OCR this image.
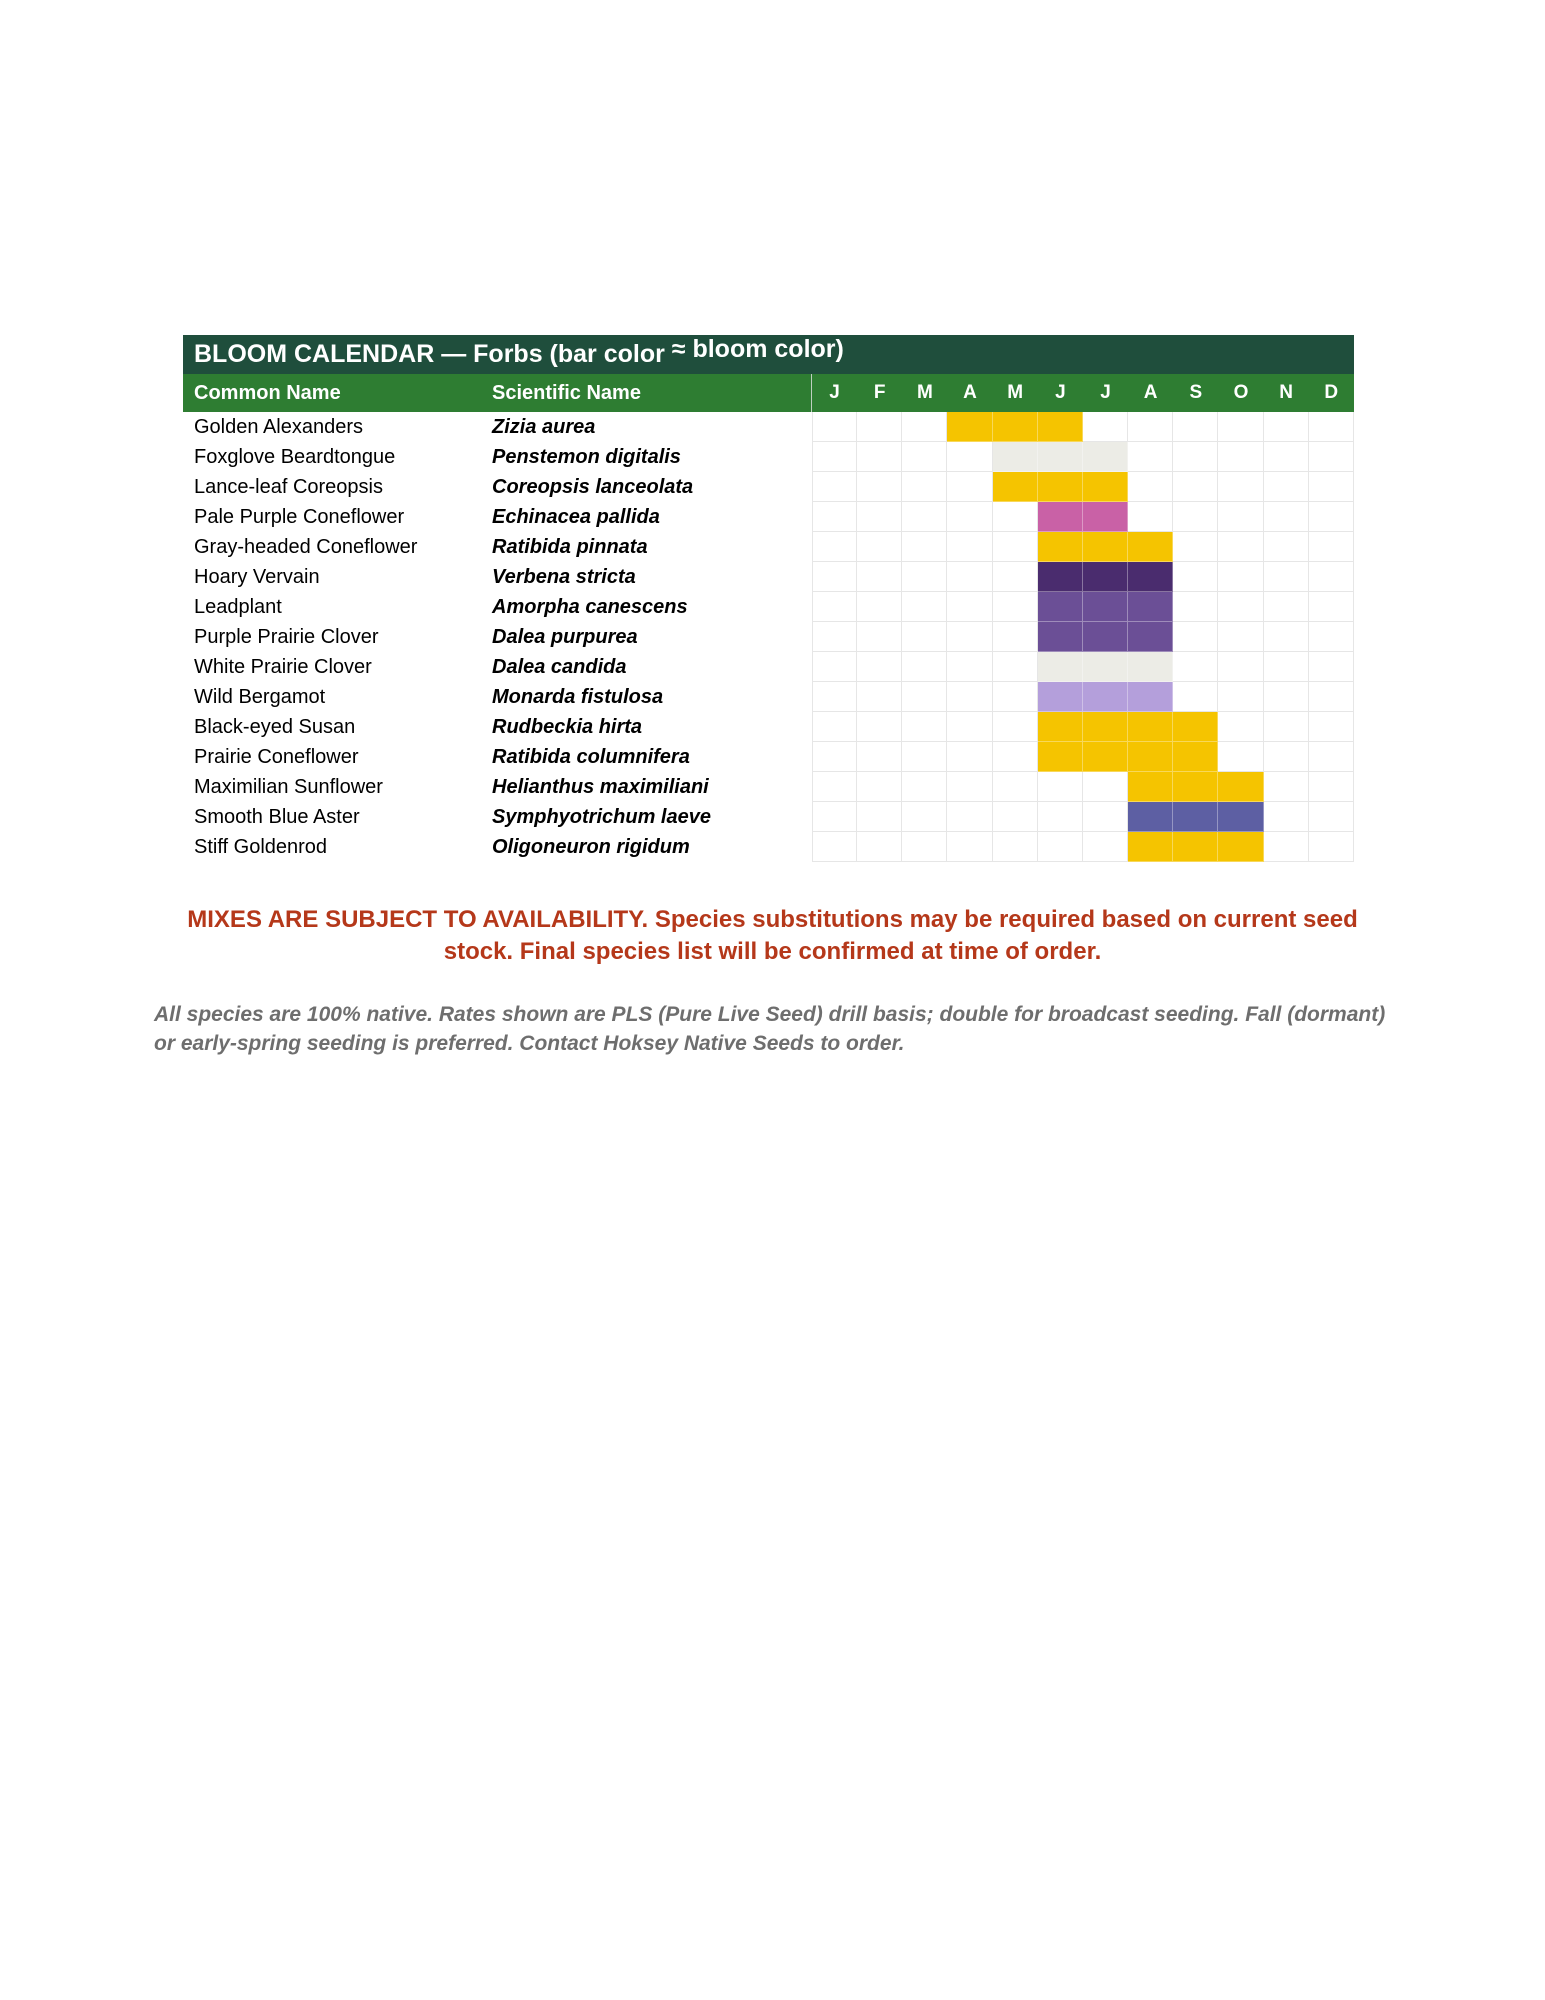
BLOOM CALENDAR — Forbs (bar color ≈ bloom color)
Common Name	Scientific Name	J	F	M	A	M	J	J	A	S	O	N	D
Golden Alexanders	Zizia aurea
Foxglove Beardtongue	Penstemon digitalis
Lance-leaf Coreopsis	Coreopsis lanceolata
Pale Purple Coneflower	Echinacea pallida
Gray-headed Coneflower	Ratibida pinnata
Hoary Vervain	Verbena stricta
Leadplant	Amorpha canescens
Purple Prairie Clover	Dalea purpurea
White Prairie Clover	Dalea candida
Wild Bergamot	Monarda fistulosa
Black-eyed Susan	Rudbeckia hirta
Prairie Coneflower	Ratibida columnifera
Maximilian Sunflower	Helianthus maximiliani
Smooth Blue Aster	Symphyotrichum laeve
Stiff Goldenrod	Oligoneuron rigidum
MIXES ARE SUBJECT TO AVAILABILITY. Species substitutions may be required based on current seed stock. Final species list will be confirmed at time of order.
All species are 100% native. Rates shown are PLS (Pure Live Seed) drill basis; double for broadcast seeding. Fall (dormant) or early-spring seeding is preferred. Contact Hoksey Native Seeds to order.
